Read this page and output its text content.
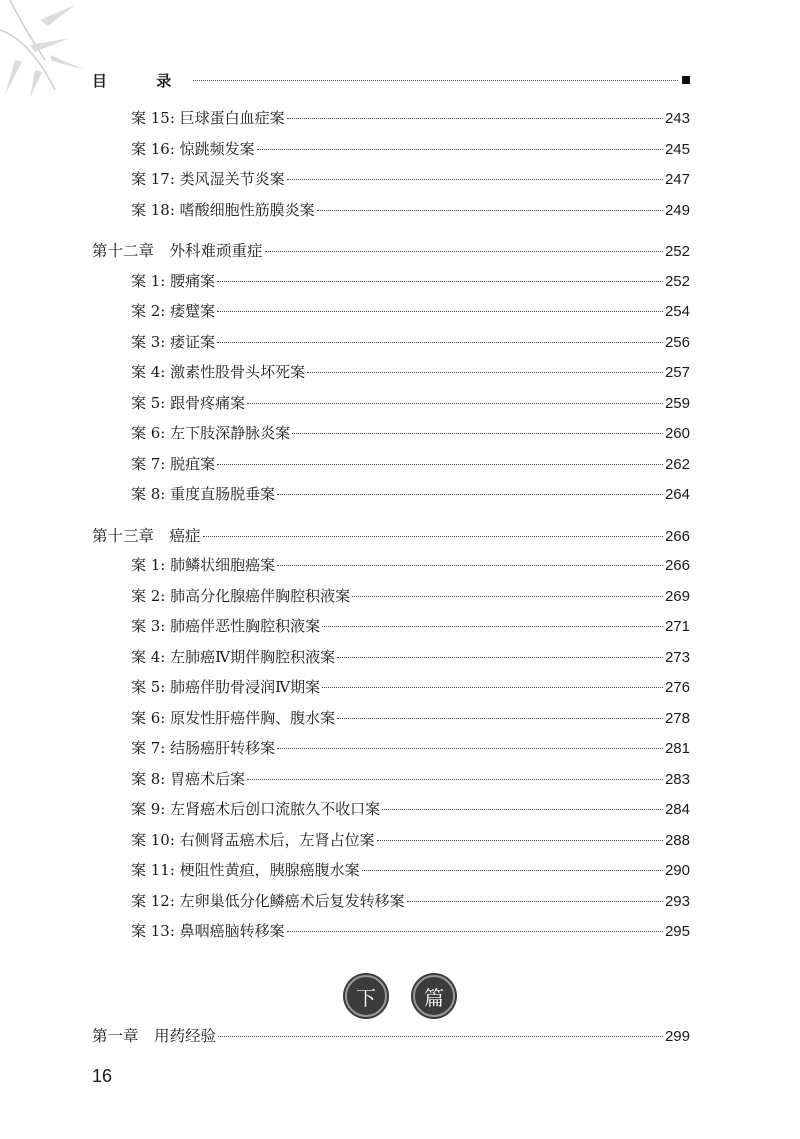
目 录
案 15: 巨球蛋白血症案	243
案 16: 惊跳频发案	245
案 17: 类风湿关节炎案	247
案 18: 嗜酸细胞性筋膜炎案	249
第十二章　外科难顽重症	252
案 1: 腰痛案	252
案 2: 痿躄案	254
案 3: 痿证案	256
案 4: 激素性股骨头坏死案	257
案 5: 跟骨疼痛案	259
案 6: 左下肢深静脉炎案	260
案 7: 脱疽案	262
案 8: 重度直肠脱垂案	264
第十三章　癌症	266
案 1: 肺鳞状细胞癌案	266
案 2: 肺高分化腺癌伴胸腔积液案	269
案 3: 肺癌伴恶性胸腔积液案	271
案 4: 左肺癌Ⅳ期伴胸腔积液案	273
案 5: 肺癌伴肋骨浸润Ⅳ期案	276
案 6: 原发性肝癌伴胸、腹水案	278
案 7: 结肠癌肝转移案	281
案 8: 胃癌术后案	283
案 9: 左肾癌术后创口流脓久不收口案	284
案 10: 右侧肾盂癌术后，左肾占位案	288
案 11: 梗阻性黄疸，胰腺癌腹水案	290
案 12: 左卵巢低分化鳞癌术后复发转移案	293
案 13: 鼻咽癌脑转移案	295
下	篇
第一章　用药经验	299
16
